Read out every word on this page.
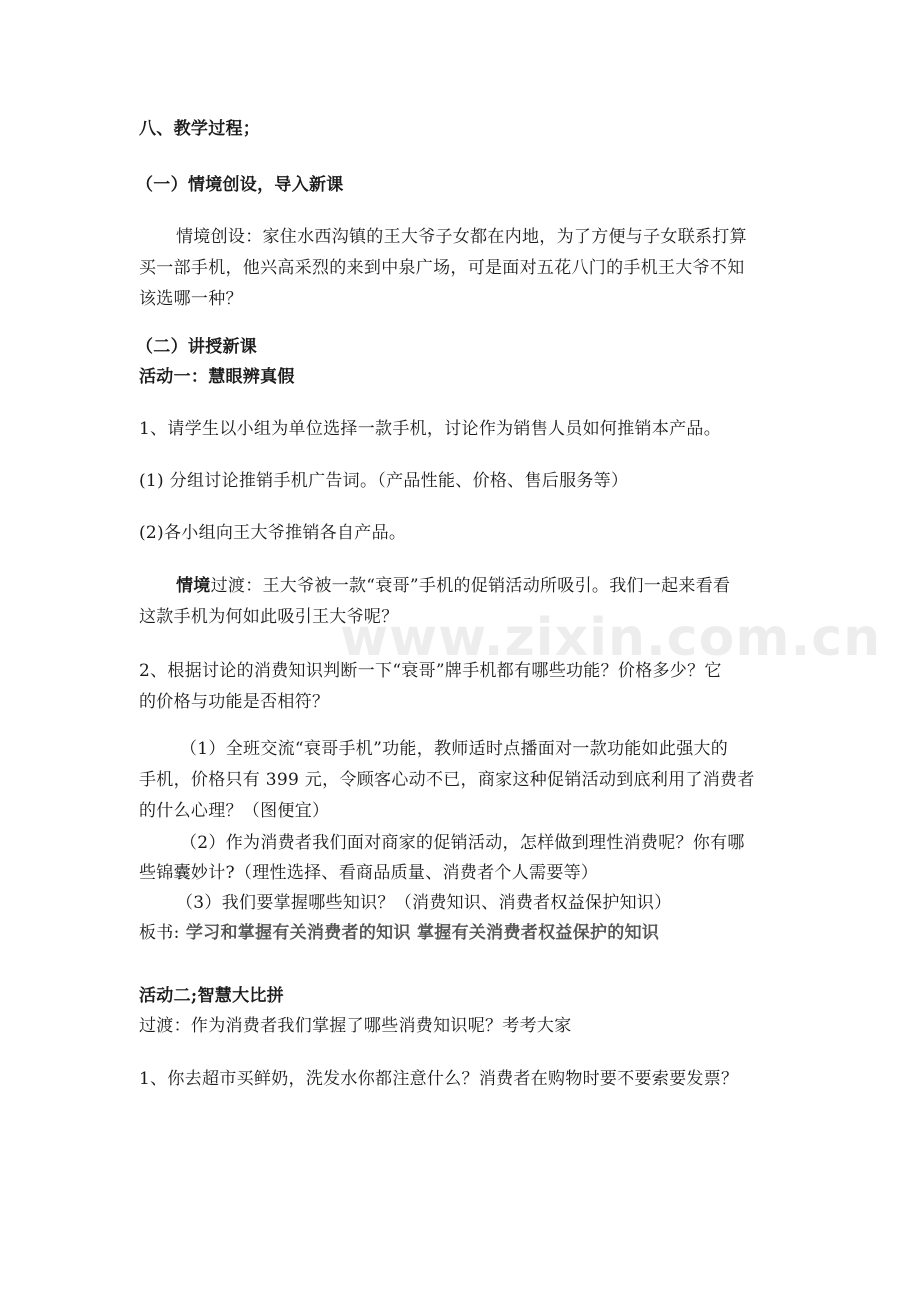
八、教学过程；
（一）情境创设，导入新课
情境创设：家住水西沟镇的王大爷子女都在内地，为了方便与子女联系打算
买一部手机，他兴高采烈的来到中泉广场，可是面对五花八门的手机王大爷不知
该选哪一种？
（二）讲授新课
活动一：慧眼辨真假
1、请学生以小组为单位选择一款手机，讨论作为销售人员如何推销本产品。
(1) 分组讨论推销手机广告词。（产品性能、价格、售后服务等）
(2)各小组向王大爷推销各自产品。
情境过渡：王大爷被一款“衰哥”手机的促销活动所吸引。我们一起来看看
这款手机为何如此吸引王大爷呢？
2、根据讨论的消费知识判断一下“衰哥”牌手机都有哪些功能？价格多少？它
的价格与功能是否相符？
（1）全班交流“衰哥手机”功能，教师适时点播面对一款功能如此强大的
手机，价格只有 399 元，令顾客心动不已，商家这种促销活动到底利用了消费者
的什么心理？（图便宜）
（2）作为消费者我们面对商家的促销活动，怎样做到理性消费呢？你有哪
些锦囊妙计?（理性选择、看商品质量、消费者个人需要等）
（3）我们要掌握哪些知识？（消费知识、消费者权益保护知识）
板书: 学习和掌握有关消费者的知识 掌握有关消费者权益保护的知识
活动二;智慧大比拼
过渡：作为消费者我们掌握了哪些消费知识呢？考考大家
1、你去超市买鲜奶，洗发水你都注意什么？消费者在购物时要不要索要发票？
www.zixin.com.cn
